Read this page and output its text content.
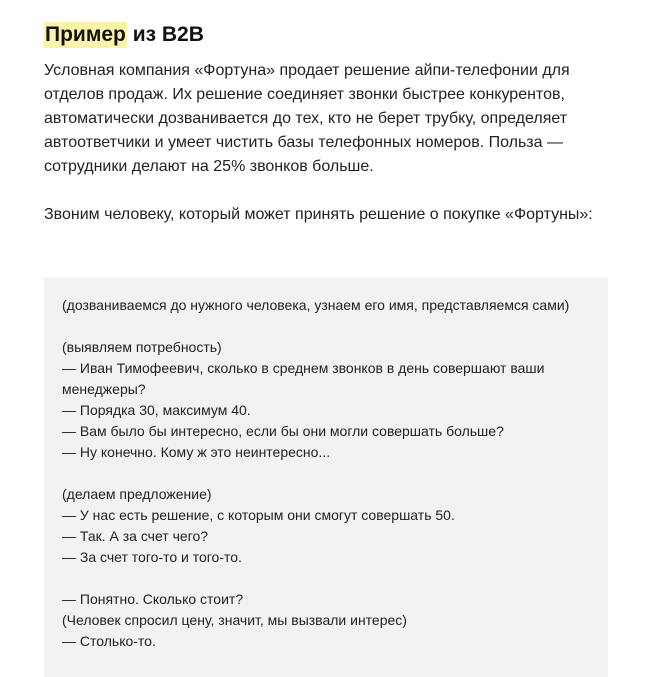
Пример из B2B

Условная компания «Фортуна» продает решение айпи-телефонии для отделов продаж. Их решение соединяет звонки быстрее конкурентов, автоматически дозванивается до тех, кто не берет трубку, определяет автоответчики и умеет чистить базы телефонных номеров. Польза — сотрудники делают на 25% звонков больше.

Звоним человеку, который может принять решение о покупке «Фортуны»:

(дозваниваемся до нужного человека, узнаем его имя, представляемся сами)

(выявляем потребность)

— Иван Тимофеевич, сколько в среднем звонков в день совершают ваши менеджеры?

— Порядка 30, максимум 40.

— Вам было бы интересно, если бы они могли совершать больше?

— Ну конечно. Кому ж это неинтересно...

(делаем предложение)

— У нас есть решение, с которым они смогут совершать 50.

— Так. А за счет чего?

— За счет того-то и того-то.

— Понятно. Сколько стоит?

(Человек спросил цену, значит, мы вызвали интерес)

— Столько-то.
